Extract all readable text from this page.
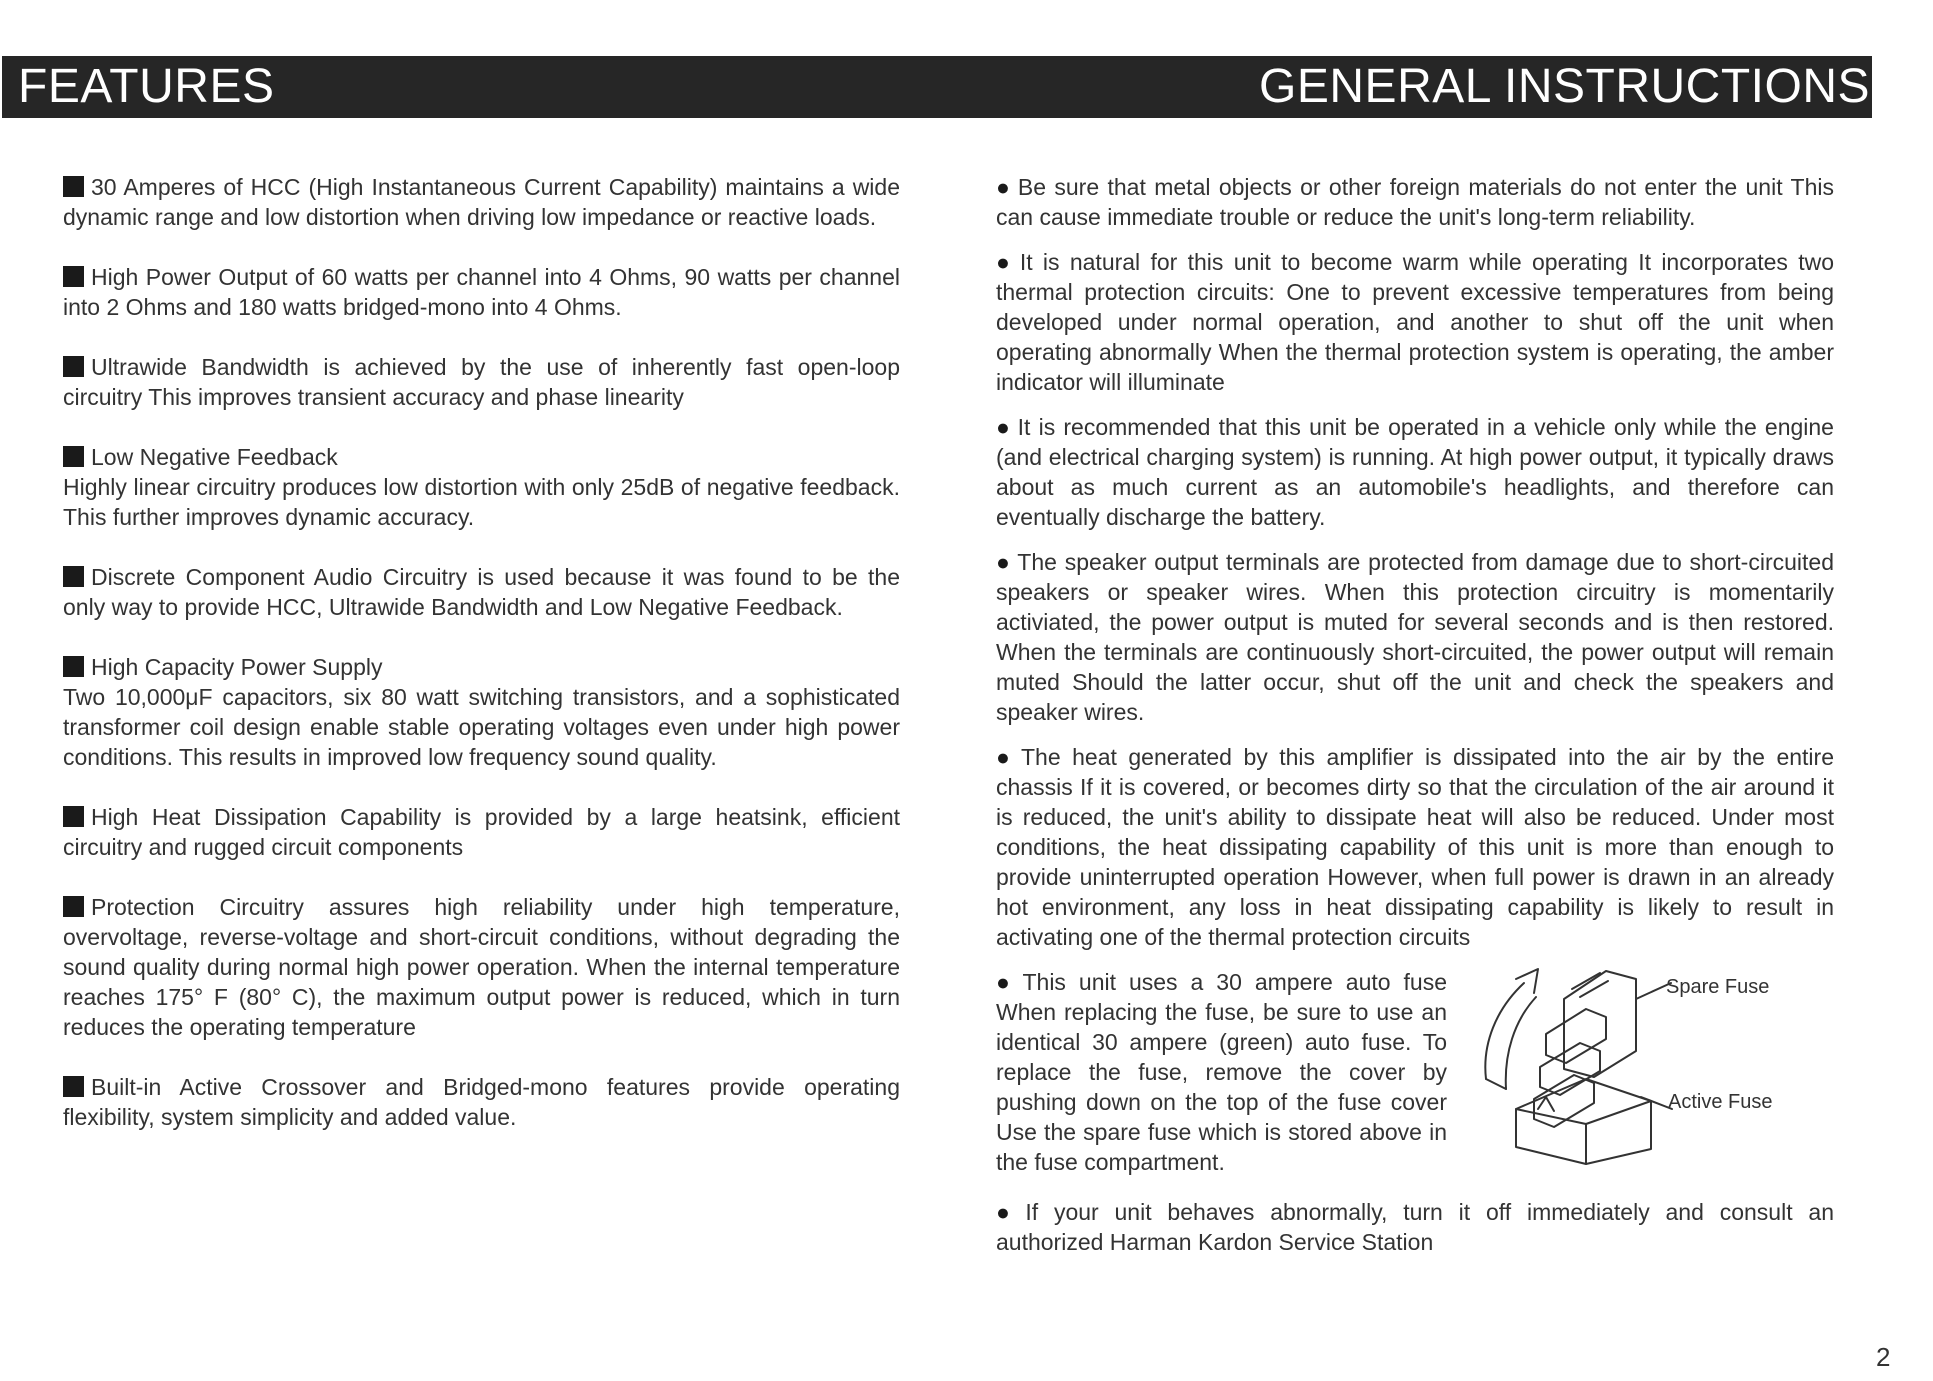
FEATURES	GENERAL INSTRUCTIONS

30 Amperes of HCC (High Instantaneous Current Capability) maintains a wide dynamic range and low distortion when driving low impedance or reactive loads.

High Power Output of 60 watts per channel into 4 Ohms, 90 watts per channel into 2 Ohms and 180 watts bridged-mono into 4 Ohms.

Ultrawide Bandwidth is achieved by the use of inherently fast open-loop circuitry This improves transient accuracy and phase linearity

Low Negative Feedback
Highly linear circuitry produces low distortion with only 25dB of negative feedback. This further improves dynamic accuracy.

Discrete Component Audio Circuitry is used because it was found to be the only way to provide HCC, Ultrawide Bandwidth and Low Negative Feedback.

High Capacity Power Supply
Two 10,000μF capacitors, six 80 watt switching transistors, and a sophisticated transformer coil design enable stable operating voltages even under high power conditions. This results in improved low frequency sound quality.

High Heat Dissipation Capability is provided by a large heatsink, efficient circuitry and rugged circuit components

Protection Circuitry assures high reliability under high temperature, overvoltage, reverse-voltage and short-circuit conditions, without degrading the sound quality during normal high power operation. When the internal temperature reaches 175° F (80° C), the maximum output power is reduced, which in turn reduces the operating temperature

Built-in Active Crossover and Bridged-mono features provide operating flexibility, system simplicity and added value.

● Be sure that metal objects or other foreign materials do not enter the unit This can cause immediate trouble or reduce the unit's long-term reliability.

● It is natural for this unit to become warm while operating It incorporates two thermal protection circuits: One to prevent excessive temperatures from being developed under normal operation, and another to shut off the unit when operating abnormally When the thermal protection system is operating, the amber indicator will illuminate

● It is recommended that this unit be operated in a vehicle only while the engine (and electrical charging system) is running. At high power output, it typically draws about as much current as an automobile's headlights, and therefore can eventually discharge the battery.

● The speaker output terminals are protected from damage due to short-circuited speakers or speaker wires. When this protection circuitry is momentarily activiated, the power output is muted for several seconds and is then restored. When the terminals are continuously short-circuited, the power output will remain muted Should the latter occur, shut off the unit and check the speakers and speaker wires.

● The heat generated by this amplifier is dissipated into the air by the entire chassis If it is covered, or becomes dirty so that the circulation of the air around it is reduced, the unit's ability to dissipate heat will also be reduced. Under most conditions, the heat dissipating capability of this unit is more than enough to provide uninterrupted operation However, when full power is drawn in an already hot environment, any loss in heat dissipating capability is likely to result in activating one of the thermal protection circuits

● This unit uses a 30 ampere auto fuse When replacing the fuse, be sure to use an identical 30 ampere (green) auto fuse. To replace the fuse, remove the cover by pushing down on the top of the fuse cover Use the spare fuse which is stored above in the fuse compartment.

Spare Fuse
Active Fuse

● If your unit behaves abnormally, turn it off immediately and consult an authorized Harman Kardon Service Station

2
